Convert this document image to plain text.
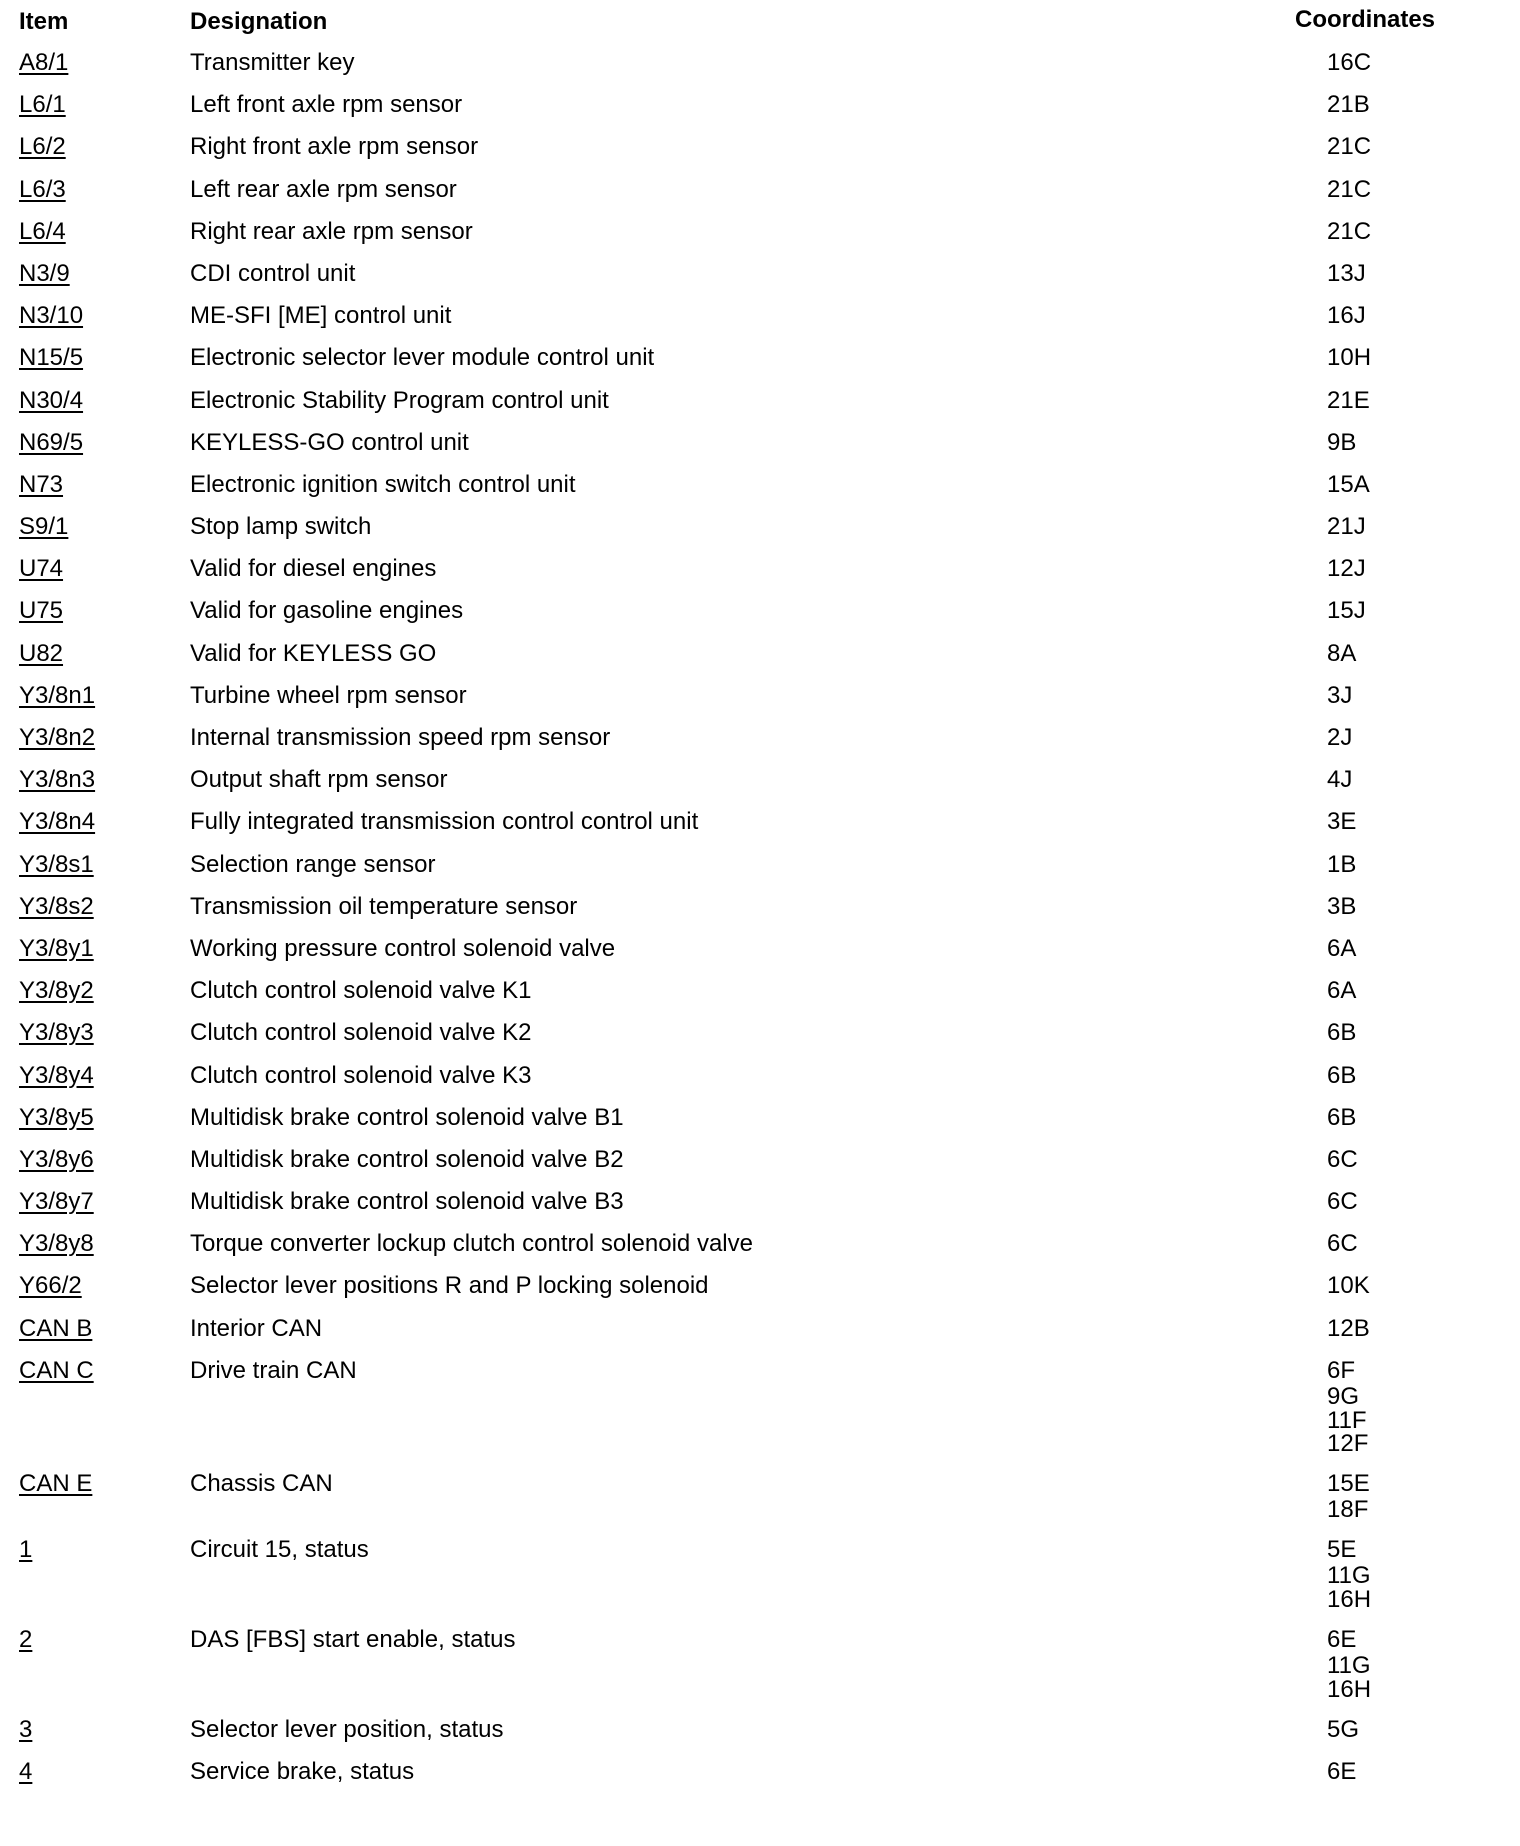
Item	Designation	Coordinates
A8/1	Transmitter key	16C
L6/1	Left front axle rpm sensor	21B
L6/2	Right front axle rpm sensor	21C
L6/3	Left rear axle rpm sensor	21C
L6/4	Right rear axle rpm sensor	21C
N3/9	CDI control unit	13J
N3/10	ME-SFI [ME] control unit	16J
N15/5	Electronic selector lever module control unit	10H
N30/4	Electronic Stability Program control unit	21E
N69/5	KEYLESS-GO control unit	9B
N73	Electronic ignition switch control unit	15A
S9/1	Stop lamp switch	21J
U74	Valid for diesel engines	12J
U75	Valid for gasoline engines	15J
U82	Valid for KEYLESS GO	8A
Y3/8n1	Turbine wheel rpm sensor	3J
Y3/8n2	Internal transmission speed rpm sensor	2J
Y3/8n3	Output shaft rpm sensor	4J
Y3/8n4	Fully integrated transmission control control unit	3E
Y3/8s1	Selection range sensor	1B
Y3/8s2	Transmission oil temperature sensor	3B
Y3/8y1	Working pressure control solenoid valve	6A
Y3/8y2	Clutch control solenoid valve K1	6A
Y3/8y3	Clutch control solenoid valve K2	6B
Y3/8y4	Clutch control solenoid valve K3	6B
Y3/8y5	Multidisk brake control solenoid valve B1	6B
Y3/8y6	Multidisk brake control solenoid valve B2	6C
Y3/8y7	Multidisk brake control solenoid valve B3	6C
Y3/8y8	Torque converter lockup clutch control solenoid valve	6C
Y66/2	Selector lever positions R and P locking solenoid	10K
CAN B	Interior CAN	12B
CAN C	Drive train CAN	6F
9G
11F
12F
CAN E	Chassis CAN	15E
18F
1	Circuit 15, status	5E
11G
16H
2	DAS [FBS] start enable, status	6E
11G
16H
3	Selector lever position, status	5G
4	Service brake, status	6E
